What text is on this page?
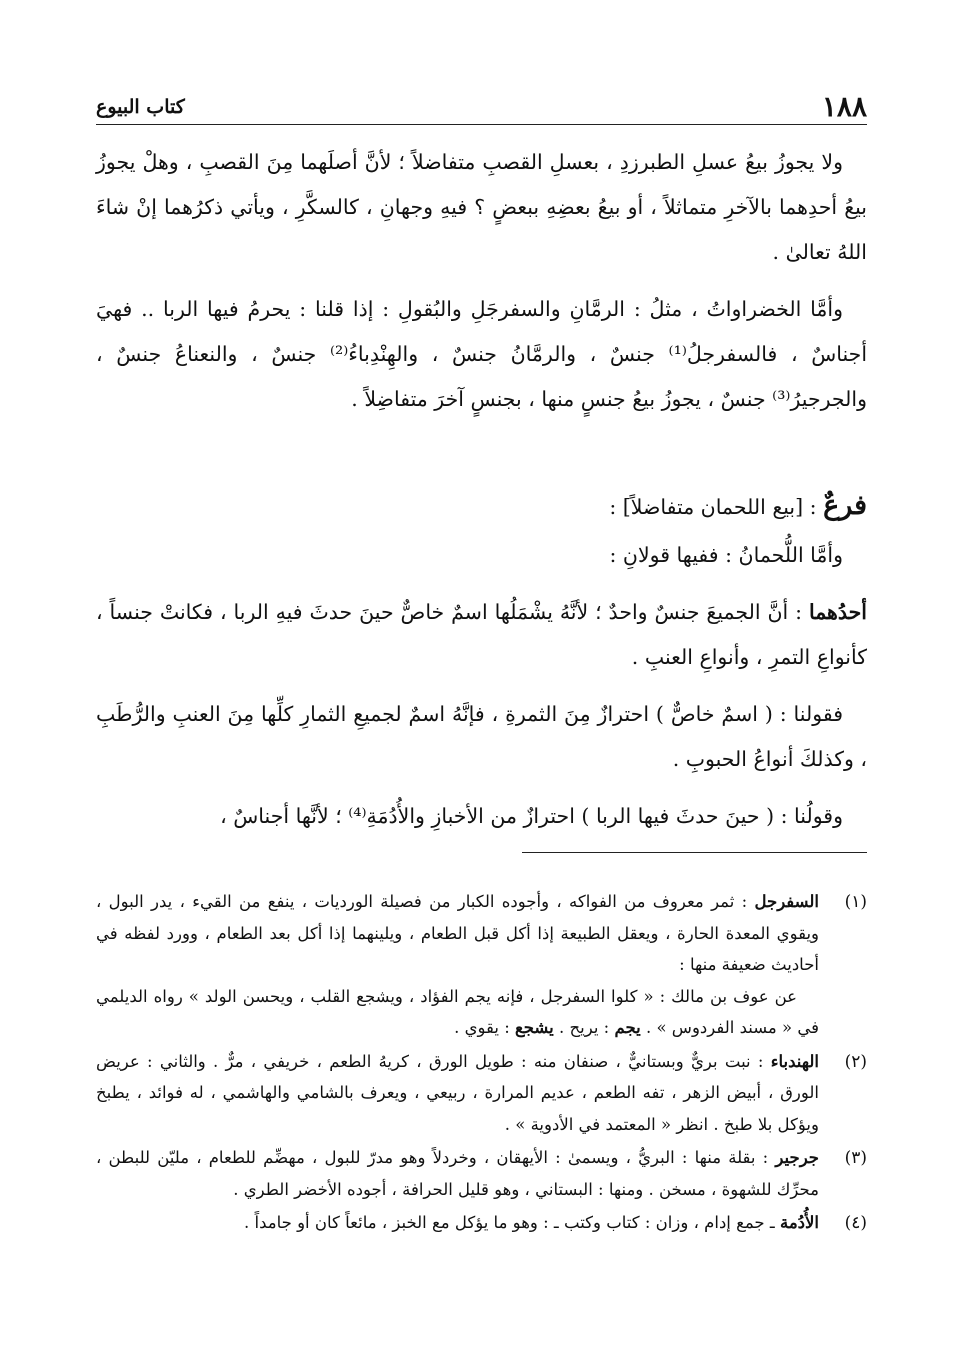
١٨٨
كتاب البيوع

ولا يجوزُ بيعُ عسلِ الطبرزدِ ، بعسلِ القصبِ متفاضلاً ؛ لأنَّ أصلَهما مِنَ القصبِ ، وهلْ يجوزُ بيعُ أحدِهما بالآخرِ متماثلاً ، أو بيعُ بعضِهِ ببعضٍ ؟ فيهِ وجهانِ ، كالسكَّرِ ، ويأتي ذكرُهما إنْ شاءَ اللهُ تعالىٰ .

وأمَّا الخضراواتُ ، مثلُ : الرمَّانِ والسفرجَلِ والبُقولِ : إذا قلنا : يحرمُ فيها الربا .. فهيَ أجناسٌ ، فالسفرجلُ⁽¹⁾ جنسٌ ، والرمَّانُ جنسٌ ، والهِنْدِباءُ⁽²⁾ جنسٌ ، والنعناعُ جنسٌ ، والجرجيرُ⁽³⁾ جنسٌ ، يجوزُ بيعُ جنسٍ منها ، بجنسٍ آخرَ متفاضِلاً .

فرعٌ : [بيع اللحمان متفاضلاً] :

وأمَّا اللُّحمانُ : ففيها قولانِ :

أحدُهما : أنَّ الجميعَ جنسٌ واحدٌ ؛ لأنَّهُ يشْمَلُها اسمٌ خاصٌّ حينَ حدثَ فيهِ الربا ، فكانتْ جنساً ، كأنواعِ التمرِ ، وأنواعِ العنبِ .

فقولنا : ( اسمٌ خاصٌّ ) احترازٌ مِنَ الثمرةِ ، فإنَّهُ اسمٌ لجميعِ الثمارِ كلِّها مِنَ العنبِ والرُّطَبِ ، وكذلكَ أنواعُ الحبوبِ .

وقولُنا : ( حينَ حدثَ فيها الربا ) احترازٌ من الأخبازِ والأُدُمَةِ⁽⁴⁾ ؛ لأنَّها أجناسٌ ،

(١)
السفرجل : ثمر معروف من الفواكه ، وأجوده الكبار من فصيلة الورديات ، ينفع من القيء ، يدر البول ، ويقوي المعدة الحارة ، ويعقل الطبيعة إذا أكل قبل الطعام ، ويلينهما إذا أكل بعد الطعام ، وورد لفظه في أحاديث ضعيفة منها :
عن عوف بن مالك : « كلوا السفرجل ، فإنه يجم الفؤاد ، ويشجع القلب ، ويحسن الولد » رواه الديلمي في « مسند الفردوس » . يجم : يريح . يشجع : يقوي .
(٢)
الهندباء : نبت بريٌّ وبستانيٌّ ، صنفان منه : طويل الورق ، كريهُ الطعم ، خريفي ، مرٌّ . والثاني : عريض الورق ، أبيض الزهر ، تفه الطعم ، عديم المرارة ، ربيعي ، ويعرف بالشامي والهاشمي ، له فوائد ، يطبخ ويؤكل بلا طبخ . انظر « المعتمد في الأدوية » .
(٣)
جرجير : بقلة منها : البريُّ ، ويسمىٰ : الأيهقان ، وخردلاً وهو مدرّ للبول ، مهضِّم للطعام ، مليّن للبطن ، محرِّك للشهوة ، مسخن . ومنها : البستاني ، وهو قليل الحرافة ، أجوده الأخضر الطري .
(٤)
الأُدُمة ـ جمع إدام ، وزان : كتاب وكتب ـ : وهو ما يؤكل مع الخبز ، مائعاً كان أو جامداً .
